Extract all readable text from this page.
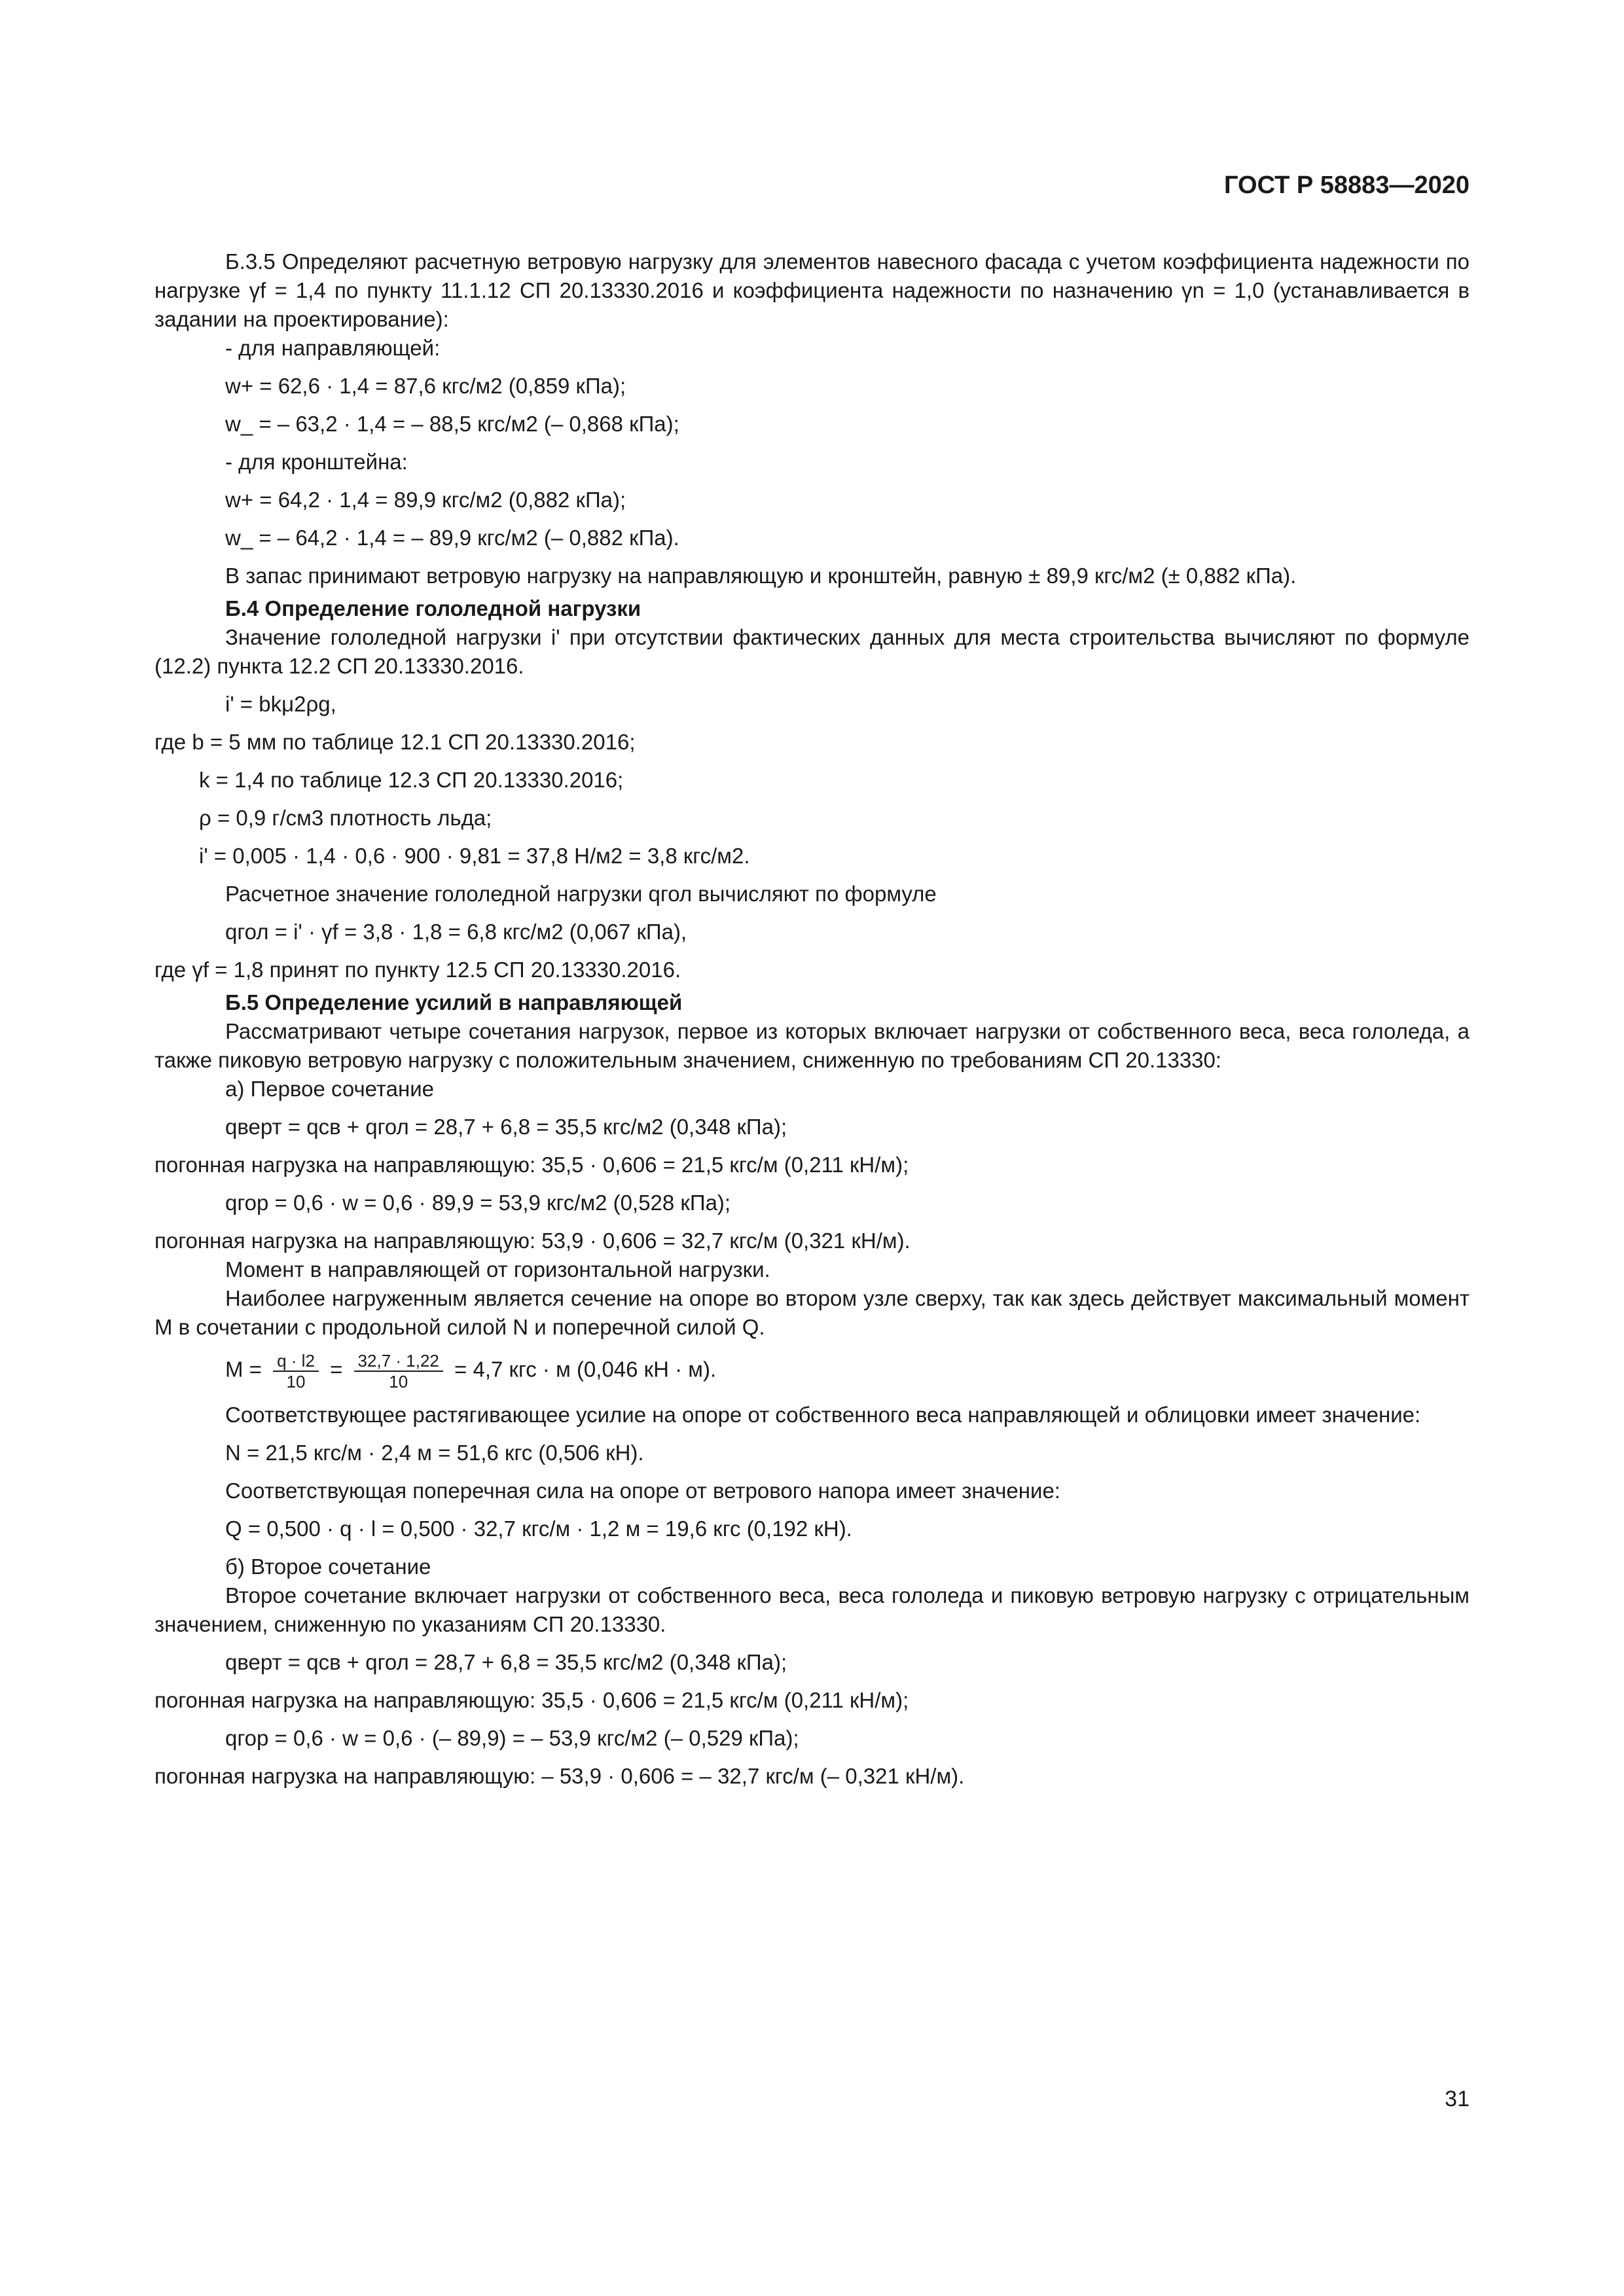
ГОСТ Р 58883—2020

Б.3.5 Определяют расчетную ветровую нагрузку для элементов навесного фасада с учетом коэффициента надежности по нагрузке γf = 1,4 по пункту 11.1.12 СП 20.13330.2016 и коэффициента надежности по назначению γn = 1,0 (устанавливается в задании на проектирование):

- для направляющей:

w+ = 62,6 · 1,4 = 87,6 кгс/м2 (0,859 кПа);

w_ = – 63,2 · 1,4 = – 88,5 кгс/м2 (– 0,868 кПа);

- для кронштейна:

w+ = 64,2 · 1,4 = 89,9 кгс/м2 (0,882 кПа);

w_ = – 64,2 · 1,4 = – 89,9 кгс/м2 (– 0,882 кПа).

В запас принимают ветровую нагрузку на направляющую и кронштейн, равную ± 89,9 кгс/м2 (± 0,882 кПа).

Б.4 Определение гололедной нагрузки

Значение гололедной нагрузки i' при отсутствии фактических данных для места строительства вычисляют по формуле (12.2) пункта 12.2 СП 20.13330.2016.

i' = bkμ2ρg,

где b = 5 мм по таблице 12.1 СП 20.13330.2016;

k = 1,4 по таблице 12.3 СП 20.13330.2016;

ρ = 0,9 г/см3 плотность льда;

i' = 0,005 · 1,4 · 0,6 · 900 · 9,81 = 37,8 Н/м2 = 3,8 кгс/м2.

Расчетное значение гололедной нагрузки qгол вычисляют по формуле

qгол = i' · γf = 3,8 · 1,8 = 6,8 кгс/м2 (0,067 кПа),

где γf = 1,8 принят по пункту 12.5 СП 20.13330.2016.

Б.5 Определение усилий в направляющей

Рассматривают четыре сочетания нагрузок, первое из которых включает нагрузки от собственного веса, веса гололеда, а также пиковую ветровую нагрузку с положительным значением, сниженную по требованиям СП 20.13330:

а) Первое сочетание

qверт = qсв + qгол = 28,7 + 6,8 = 35,5 кгс/м2 (0,348 кПа);

погонная нагрузка на направляющую: 35,5 · 0,606 = 21,5 кгс/м (0,211 кН/м);

qгор = 0,6 · w = 0,6 · 89,9 = 53,9 кгс/м2 (0,528 кПа);

погонная нагрузка на направляющую: 53,9 · 0,606 = 32,7 кгс/м (0,321 кН/м).

Момент в направляющей от горизонтальной нагрузки.

Наиболее нагруженным является сечение на опоре во втором узле сверху, так как здесь действует максимальный момент M в сочетании с продольной силой N и поперечной силой Q.

$M = \frac{q \cdot l2}{10} = \frac{32,7 \cdot 1,22}{10} = 4,7$ кгс · м (0,046 кН · м).

Соответствующее растягивающее усилие на опоре от собственного веса направляющей и облицовки имеет значение:

N = 21,5 кгс/м · 2,4 м = 51,6 кгс (0,506 кН).

Соответствующая поперечная сила на опоре от ветрового напора имеет значение:

Q = 0,500 · q · l = 0,500 · 32,7 кгс/м · 1,2 м = 19,6 кгс (0,192 кН).

б) Второе сочетание

Второе сочетание включает нагрузки от собственного веса, веса гололеда и пиковую ветровую нагрузку с отрицательным значением, сниженную по указаниям СП 20.13330.

qверт = qсв + qгол = 28,7 + 6,8 = 35,5 кгс/м2 (0,348 кПа);

погонная нагрузка на направляющую: 35,5 · 0,606 = 21,5 кгс/м (0,211 кН/м);

qгор = 0,6 · w = 0,6 · (– 89,9) = – 53,9 кгс/м2 (– 0,529 кПа);

погонная нагрузка на направляющую: – 53,9 · 0,606 = – 32,7 кгс/м (– 0,321 кН/м).

31
